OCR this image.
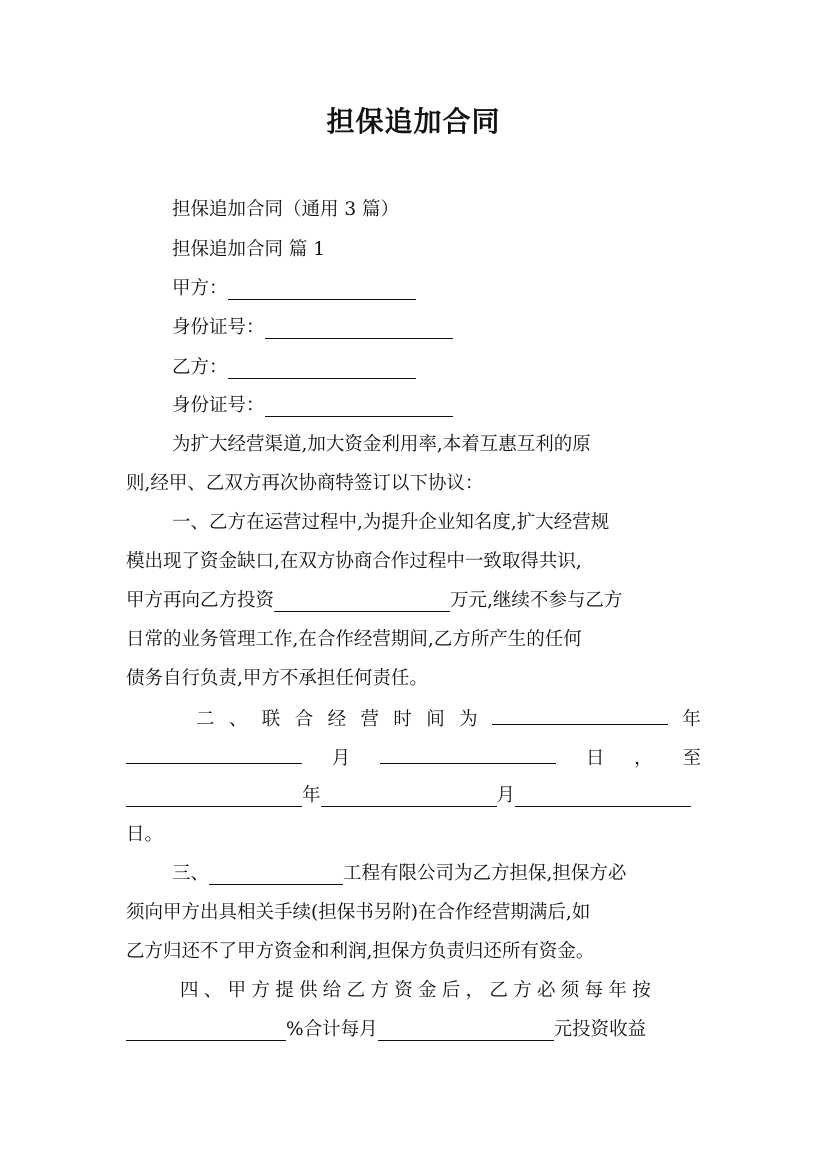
担保追加合同
担保追加合同（通用 3 篇）
担保追加合同 篇 1
甲方：
身份证号：
乙方：
身份证号：
为扩大经营渠道,加大资金利用率,本着互惠互利的原
则,经甲、乙双方再次协商特签订以下协议：
一、乙方在运营过程中,为提升企业知名度,扩大经营规
模出现了资金缺口,在双方协商合作过程中一致取得共识,
甲方再向乙方投资	万元,继续不参与乙方
日常的业务管理工作,在合作经营期间,乙方所产生的任何
债务自行负责,甲方不承担任何责任。
二 、 联 合 经 营 时 间 为	年
月	日 ， 至
年	月
日。
三、	工程有限公司为乙方担保,担保方必
须向甲方出具相关手续(担保书另附)在合作经营期满后,如
乙方归还不了甲方资金和利润,担保方负责归还所有资金。
四、甲方提供给乙方资金后，乙方必须每年按
%合计每月	元投资收益
